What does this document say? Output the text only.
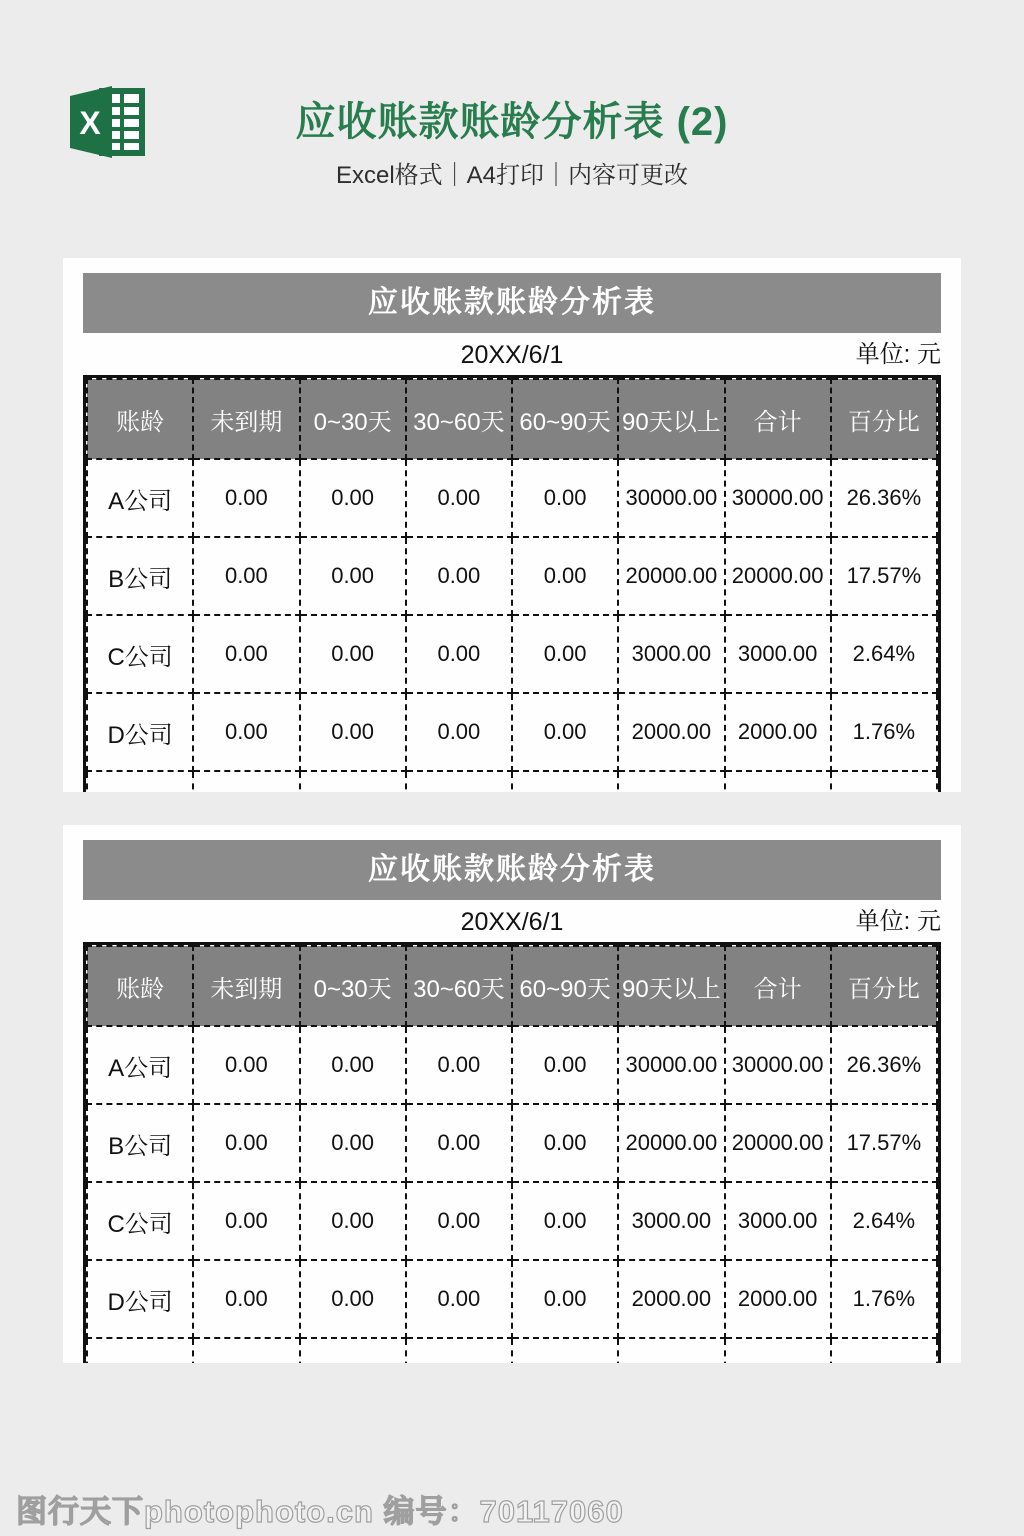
X	应收账款账龄分析表 (2)
Excel格式｜A4打印｜内容可更改
应收账款账龄分析表
20XX/6/1	单位: 元
账龄	未到期	0~30天	30~60天	60~90天	90天以上	合计	百分比
A公司	0.00	0.00	0.00	0.00	30000.00	30000.00	26.36%
B公司	0.00	0.00	0.00	0.00	20000.00	20000.00	17.57%
C公司	0.00	0.00	0.00	0.00	3000.00	3000.00	2.64%
D公司	0.00	0.00	0.00	0.00	2000.00	2000.00	1.76%

应收账款账龄分析表
20XX/6/1	单位: 元
账龄	未到期	0~30天	30~60天	60~90天	90天以上	合计	百分比
A公司	0.00	0.00	0.00	0.00	30000.00	30000.00	26.36%
B公司	0.00	0.00	0.00	0.00	20000.00	20000.00	17.57%
C公司	0.00	0.00	0.00	0.00	3000.00	3000.00	2.64%
D公司	0.00	0.00	0.00	0.00	2000.00	2000.00	1.76%

图行天下photophoto.cn 编号：70117060
